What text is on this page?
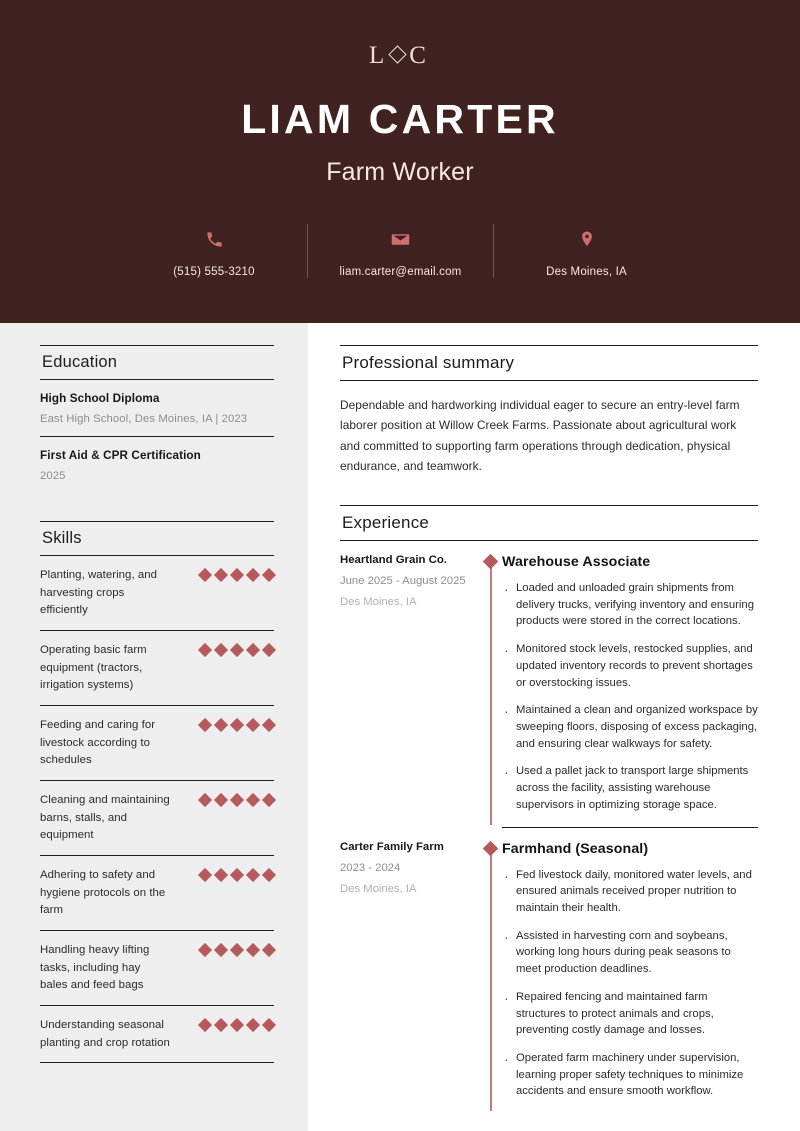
L C
LIAM CARTER
Farm Worker
(515) 555-3210	liam.carter@email.com	Des Moines, IA
Education
High School Diploma
East High School, Des Moines, IA | 2023
First Aid & CPR Certification
2025
Skills
Planting, watering, and harvesting crops efficiently
Operating basic farm equipment (tractors, irrigation systems)
Feeding and caring for livestock according to schedules
Cleaning and maintaining barns, stalls, and equipment
Adhering to safety and hygiene protocols on the farm
Handling heavy lifting tasks, including hay bales and feed bags
Understanding seasonal planting and crop rotation
Professional summary
Dependable and hardworking individual eager to secure an entry-level farm laborer position at Willow Creek Farms. Passionate about agricultural work and committed to supporting farm operations through dedication, physical endurance, and teamwork.
Experience
Heartland Grain Co.
June 2025 - August 2025
Des Moines, IA
Warehouse Associate
· Loaded and unloaded grain shipments from delivery trucks, verifying inventory and ensuring products were stored in the correct locations.
· Monitored stock levels, restocked supplies, and updated inventory records to prevent shortages or overstocking issues.
· Maintained a clean and organized workspace by sweeping floors, disposing of excess packaging, and ensuring clear walkways for safety.
· Used a pallet jack to transport large shipments across the facility, assisting warehouse supervisors in optimizing storage space.
Carter Family Farm
2023 - 2024
Des Moines, IA
Farmhand (Seasonal)
· Fed livestock daily, monitored water levels, and ensured animals received proper nutrition to maintain their health.
· Assisted in harvesting corn and soybeans, working long hours during peak seasons to meet production deadlines.
· Repaired fencing and maintained farm structures to protect animals and crops, preventing costly damage and losses.
· Operated farm machinery under supervision, learning proper safety techniques to minimize accidents and ensure smooth workflow.
